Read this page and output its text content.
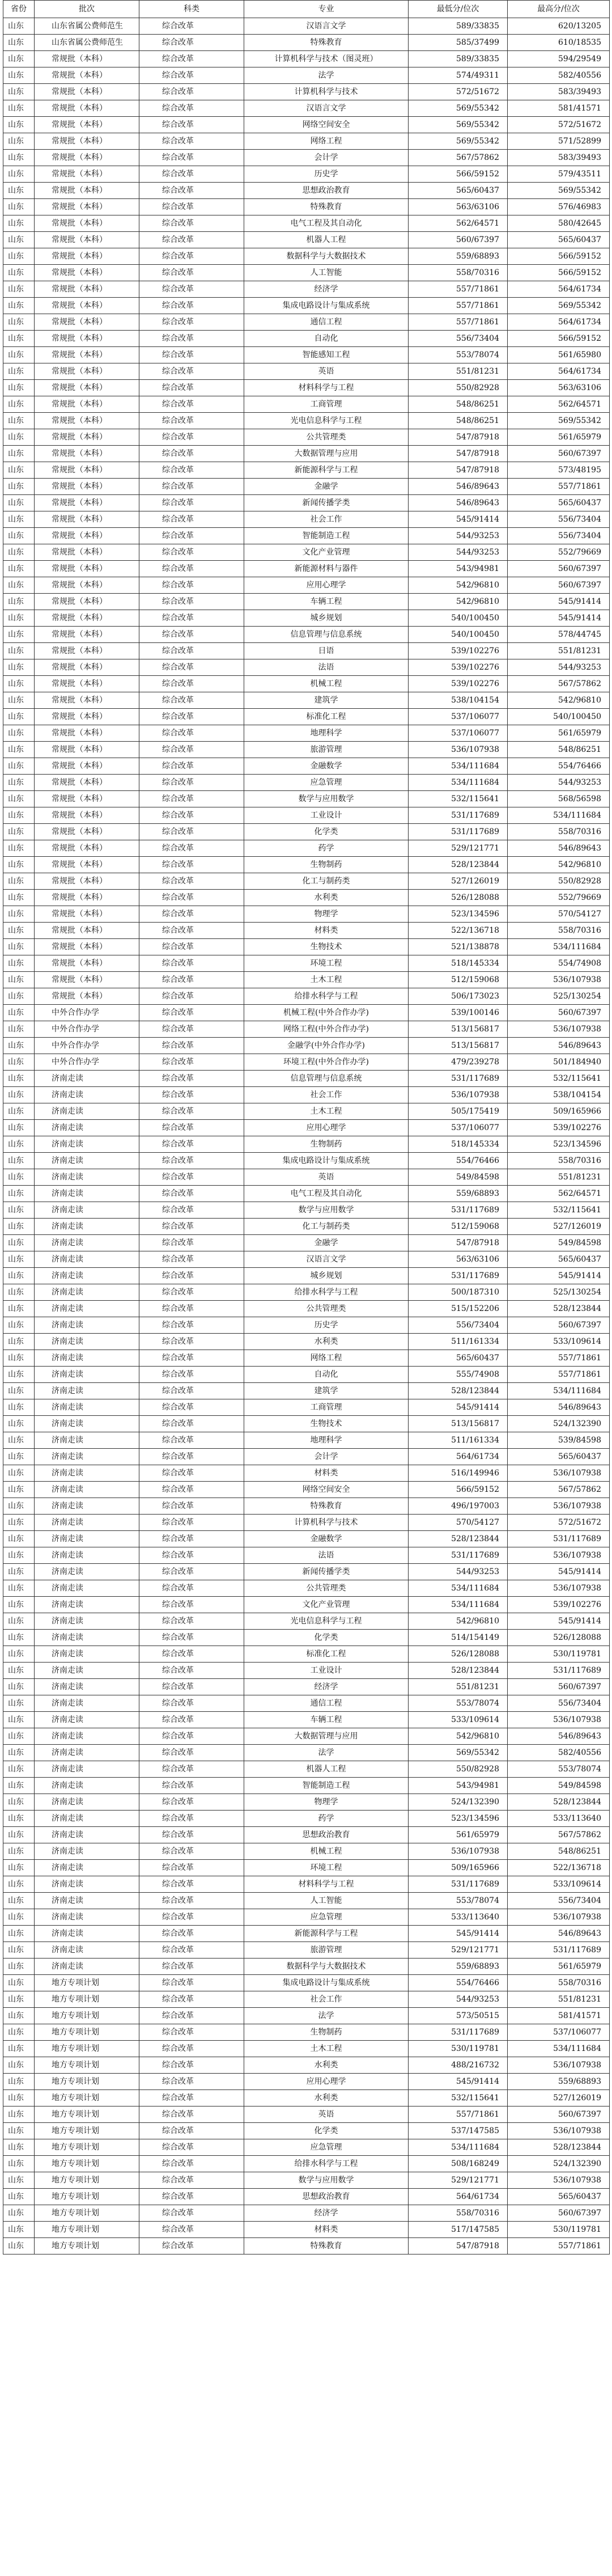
省份	批次	科类	专业	最低分/位次	最高分/位次
山东	山东省属公费师范生	综合改革	汉语言文学	589/33835	620/13205
山东	山东省属公费师范生	综合改革	特殊教育	585/37499	610/18535
山东	常规批（本科）	综合改革	计算机科学与技术（图灵班）	589/33835	594/29549
山东	常规批（本科）	综合改革	法学	574/49311	582/40556
山东	常规批（本科）	综合改革	计算机科学与技术	572/51672	583/39493
山东	常规批（本科）	综合改革	汉语言文学	569/55342	581/41571
山东	常规批（本科）	综合改革	网络空间安全	569/55342	572/51672
山东	常规批（本科）	综合改革	网络工程	569/55342	571/52899
山东	常规批（本科）	综合改革	会计学	567/57862	583/39493
山东	常规批（本科）	综合改革	历史学	566/59152	579/43511
山东	常规批（本科）	综合改革	思想政治教育	565/60437	569/55342
山东	常规批（本科）	综合改革	特殊教育	563/63106	576/46983
山东	常规批（本科）	综合改革	电气工程及其自动化	562/64571	580/42645
山东	常规批（本科）	综合改革	机器人工程	560/67397	565/60437
山东	常规批（本科）	综合改革	数据科学与大数据技术	559/68893	566/59152
山东	常规批（本科）	综合改革	人工智能	558/70316	566/59152
山东	常规批（本科）	综合改革	经济学	557/71861	564/61734
山东	常规批（本科）	综合改革	集成电路设计与集成系统	557/71861	569/55342
山东	常规批（本科）	综合改革	通信工程	557/71861	564/61734
山东	常规批（本科）	综合改革	自动化	556/73404	566/59152
山东	常规批（本科）	综合改革	智能感知工程	553/78074	561/65980
山东	常规批（本科）	综合改革	英语	551/81231	564/61734
山东	常规批（本科）	综合改革	材料科学与工程	550/82928	563/63106
山东	常规批（本科）	综合改革	工商管理	548/86251	562/64571
山东	常规批（本科）	综合改革	光电信息科学与工程	548/86251	569/55342
山东	常规批（本科）	综合改革	公共管理类	547/87918	561/65979
山东	常规批（本科）	综合改革	大数据管理与应用	547/87918	560/67397
山东	常规批（本科）	综合改革	新能源科学与工程	547/87918	573/48195
山东	常规批（本科）	综合改革	金融学	546/89643	557/71861
山东	常规批（本科）	综合改革	新闻传播学类	546/89643	565/60437
山东	常规批（本科）	综合改革	社会工作	545/91414	556/73404
山东	常规批（本科）	综合改革	智能制造工程	544/93253	556/73404
山东	常规批（本科）	综合改革	文化产业管理	544/93253	552/79669
山东	常规批（本科）	综合改革	新能源材料与器件	543/94981	560/67397
山东	常规批（本科）	综合改革	应用心理学	542/96810	560/67397
山东	常规批（本科）	综合改革	车辆工程	542/96810	545/91414
山东	常规批（本科）	综合改革	城乡规划	540/100450	545/91414
山东	常规批（本科）	综合改革	信息管理与信息系统	540/100450	578/44745
山东	常规批（本科）	综合改革	日语	539/102276	551/81231
山东	常规批（本科）	综合改革	法语	539/102276	544/93253
山东	常规批（本科）	综合改革	机械工程	539/102276	567/57862
山东	常规批（本科）	综合改革	建筑学	538/104154	542/96810
山东	常规批（本科）	综合改革	标准化工程	537/106077	540/100450
山东	常规批（本科）	综合改革	地理科学	537/106077	561/65979
山东	常规批（本科）	综合改革	旅游管理	536/107938	548/86251
山东	常规批（本科）	综合改革	金融数学	534/111684	554/76466
山东	常规批（本科）	综合改革	应急管理	534/111684	544/93253
山东	常规批（本科）	综合改革	数学与应用数学	532/115641	568/56598
山东	常规批（本科）	综合改革	工业设计	531/117689	534/111684
山东	常规批（本科）	综合改革	化学类	531/117689	558/70316
山东	常规批（本科）	综合改革	药学	529/121771	546/89643
山东	常规批（本科）	综合改革	生物制药	528/123844	542/96810
山东	常规批（本科）	综合改革	化工与制药类	527/126019	550/82928
山东	常规批（本科）	综合改革	水利类	526/128088	552/79669
山东	常规批（本科）	综合改革	物理学	523/134596	570/54127
山东	常规批（本科）	综合改革	材料类	522/136718	558/70316
山东	常规批（本科）	综合改革	生物技术	521/138878	534/111684
山东	常规批（本科）	综合改革	环境工程	518/145334	554/74908
山东	常规批（本科）	综合改革	土木工程	512/159068	536/107938
山东	常规批（本科）	综合改革	给排水科学与工程	506/173023	525/130254
山东	中外合作办学	综合改革	机械工程(中外合作办学)	539/100146	560/67397
山东	中外合作办学	综合改革	网络工程(中外合作办学)	513/156817	536/107938
山东	中外合作办学	综合改革	金融学(中外合作办学)	513/156817	546/89643
山东	中外合作办学	综合改革	环境工程(中外合作办学)	479/239278	501/184940
山东	济南走读	综合改革	信息管理与信息系统	531/117689	532/115641
山东	济南走读	综合改革	社会工作	536/107938	538/104154
山东	济南走读	综合改革	土木工程	505/175419	509/165966
山东	济南走读	综合改革	应用心理学	537/106077	539/102276
山东	济南走读	综合改革	生物制药	518/145334	523/134596
山东	济南走读	综合改革	集成电路设计与集成系统	554/76466	558/70316
山东	济南走读	综合改革	英语	549/84598	551/81231
山东	济南走读	综合改革	电气工程及其自动化	559/68893	562/64571
山东	济南走读	综合改革	数学与应用数学	531/117689	532/115641
山东	济南走读	综合改革	化工与制药类	512/159068	527/126019
山东	济南走读	综合改革	金融学	547/87918	549/84598
山东	济南走读	综合改革	汉语言文学	563/63106	565/60437
山东	济南走读	综合改革	城乡规划	531/117689	545/91414
山东	济南走读	综合改革	给排水科学与工程	500/187310	525/130254
山东	济南走读	综合改革	公共管理类	515/152206	528/123844
山东	济南走读	综合改革	历史学	556/73404	560/67397
山东	济南走读	综合改革	水利类	511/161334	533/109614
山东	济南走读	综合改革	网络工程	565/60437	557/71861
山东	济南走读	综合改革	自动化	555/74908	557/71861
山东	济南走读	综合改革	建筑学	528/123844	534/111684
山东	济南走读	综合改革	工商管理	545/91414	546/89643
山东	济南走读	综合改革	生物技术	513/156817	524/132390
山东	济南走读	综合改革	地理科学	511/161334	539/84598
山东	济南走读	综合改革	会计学	564/61734	565/60437
山东	济南走读	综合改革	材料类	516/149946	536/107938
山东	济南走读	综合改革	网络空间安全	566/59152	567/57862
山东	济南走读	综合改革	特殊教育	496/197003	536/107938
山东	济南走读	综合改革	计算机科学与技术	570/54127	572/51672
山东	济南走读	综合改革	金融数学	528/123844	531/117689
山东	济南走读	综合改革	法语	531/117689	536/107938
山东	济南走读	综合改革	新闻传播学类	544/93253	545/91414
山东	济南走读	综合改革	公共管理类	534/111684	536/107938
山东	济南走读	综合改革	文化产业管理	534/111684	539/102276
山东	济南走读	综合改革	光电信息科学与工程	542/96810	545/91414
山东	济南走读	综合改革	化学类	514/154149	526/128088
山东	济南走读	综合改革	标准化工程	526/128088	530/119781
山东	济南走读	综合改革	工业设计	528/123844	531/117689
山东	济南走读	综合改革	经济学	551/81231	560/67397
山东	济南走读	综合改革	通信工程	553/78074	556/73404
山东	济南走读	综合改革	车辆工程	533/109614	536/107938
山东	济南走读	综合改革	大数据管理与应用	542/96810	546/89643
山东	济南走读	综合改革	法学	569/55342	582/40556
山东	济南走读	综合改革	机器人工程	550/82928	553/78074
山东	济南走读	综合改革	智能制造工程	543/94981	549/84598
山东	济南走读	综合改革	物理学	524/132390	528/123844
山东	济南走读	综合改革	药学	523/134596	533/113640
山东	济南走读	综合改革	思想政治教育	561/65979	567/57862
山东	济南走读	综合改革	机械工程	536/107938	548/86251
山东	济南走读	综合改革	环境工程	509/165966	522/136718
山东	济南走读	综合改革	材料科学与工程	531/117689	533/109614
山东	济南走读	综合改革	人工智能	553/78074	556/73404
山东	济南走读	综合改革	应急管理	533/113640	536/107938
山东	济南走读	综合改革	新能源科学与工程	545/91414	546/89643
山东	济南走读	综合改革	旅游管理	529/121771	531/117689
山东	济南走读	综合改革	数据科学与大数据技术	559/68893	561/65979
山东	地方专项计划	综合改革	集成电路设计与集成系统	554/76466	558/70316
山东	地方专项计划	综合改革	社会工作	544/93253	551/81231
山东	地方专项计划	综合改革	法学	573/50515	581/41571
山东	地方专项计划	综合改革	生物制药	531/117689	537/106077
山东	地方专项计划	综合改革	土木工程	530/119781	534/111684
山东	地方专项计划	综合改革	水利类	488/216732	536/107938
山东	地方专项计划	综合改革	应用心理学	545/91414	559/68893
山东	地方专项计划	综合改革	水利类	532/115641	527/126019
山东	地方专项计划	综合改革	英语	557/71861	560/67397
山东	地方专项计划	综合改革	化学类	537/147585	536/107938
山东	地方专项计划	综合改革	应急管理	534/111684	528/123844
山东	地方专项计划	综合改革	给排水科学与工程	508/168249	524/132390
山东	地方专项计划	综合改革	数学与应用数学	529/121771	536/107938
山东	地方专项计划	综合改革	思想政治教育	564/61734	565/60437
山东	地方专项计划	综合改革	经济学	558/70316	560/67397
山东	地方专项计划	综合改革	材料类	517/147585	530/119781
山东	地方专项计划	综合改革	特殊教育	547/87918	557/71861
